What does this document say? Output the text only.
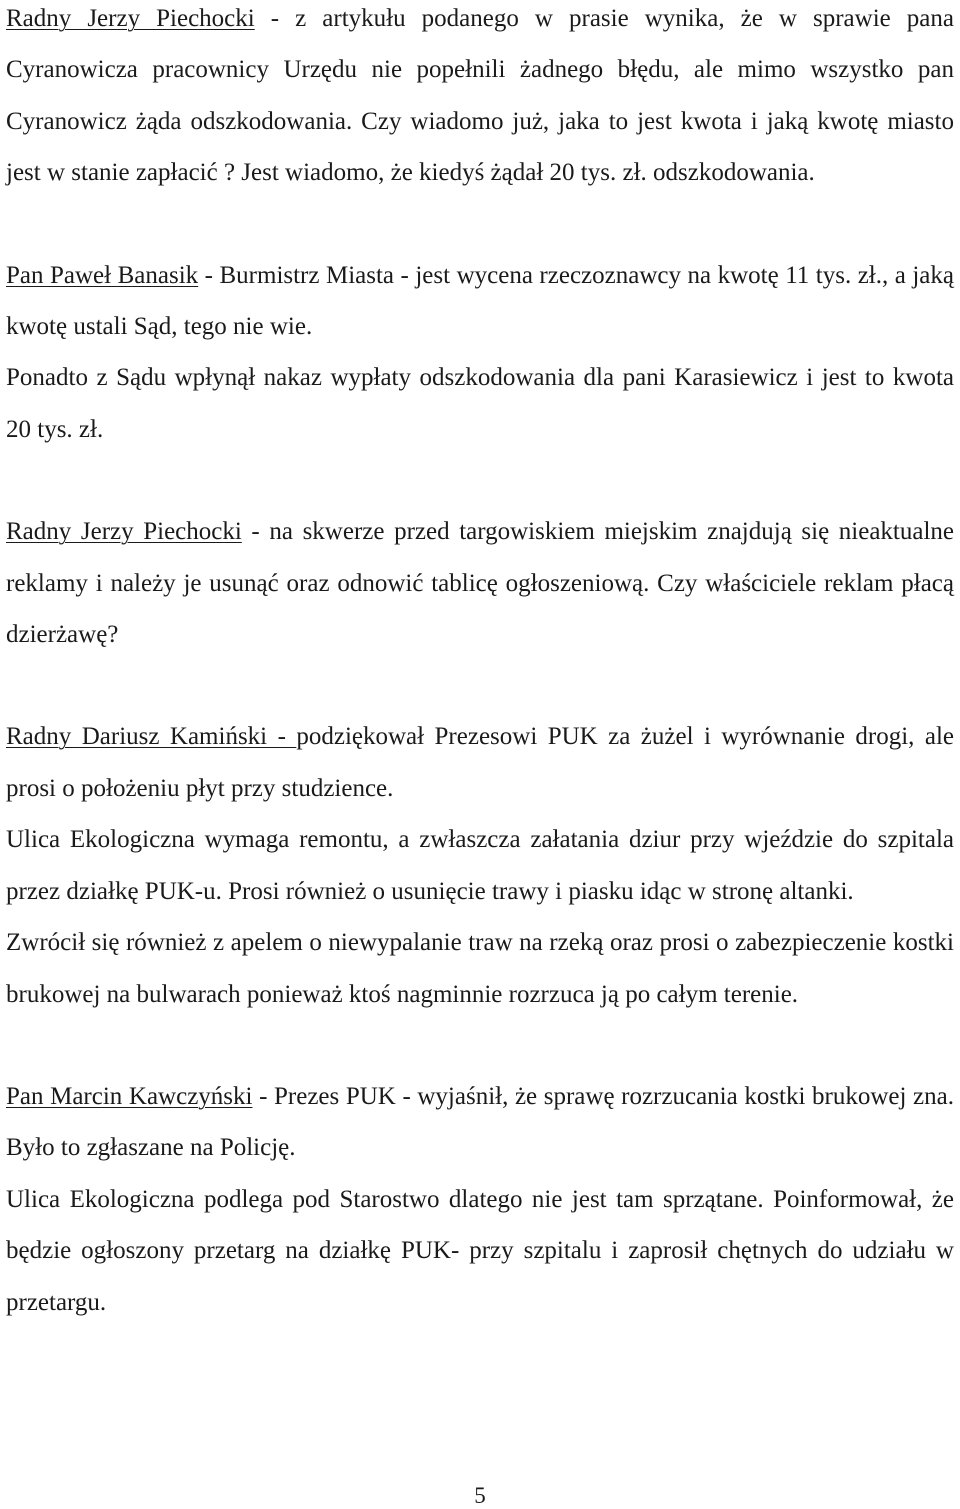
Radny Jerzy Piechocki - z artykułu podanego w prasie wynika, że w sprawie pana Cyranowicza pracownicy Urzędu nie popełnili żadnego błędu, ale mimo wszystko pan Cyranowicz żąda odszkodowania. Czy wiadomo już, jaka to jest kwota i jaką kwotę miasto jest w stanie zapłacić ? Jest wiadomo, że kiedyś żądał 20 tys. zł. odszkodowania.

Pan Paweł Banasik - Burmistrz Miasta - jest wycena rzeczoznawcy na kwotę 11 tys. zł., a jaką kwotę ustali Sąd, tego nie wie.

Ponadto z Sądu wpłynął nakaz wypłaty odszkodowania dla pani Karasiewicz i jest to kwota 20 tys. zł.

Radny Jerzy Piechocki - na skwerze przed targowiskiem miejskim znajdują się nieaktualne reklamy i należy je usunąć oraz odnowić tablicę ogłoszeniową. Czy właściciele reklam płacą dzierżawę?

Radny Dariusz Kamiński - podziękował Prezesowi PUK za żużel i wyrównanie drogi, ale prosi o położeniu płyt przy studzience.

Ulica Ekologiczna wymaga remontu, a zwłaszcza załatania dziur przy wjeździe do szpitala przez działkę PUK-u. Prosi również o usunięcie trawy i piasku idąc w stronę altanki.

Zwrócił się również z apelem o niewypalanie traw na rzeką oraz prosi o zabezpieczenie kostki brukowej na bulwarach ponieważ ktoś nagminnie rozrzuca ją po całym terenie.

Pan Marcin Kawczyński - Prezes PUK - wyjaśnił, że sprawę rozrzucania kostki brukowej zna. Było to zgłaszane na Policję.

Ulica Ekologiczna podlega pod Starostwo dlatego nie jest tam sprzątane. Poinformował, że będzie ogłoszony przetarg na działkę PUK- przy szpitalu i zaprosił chętnych do udziału w przetargu.

5
